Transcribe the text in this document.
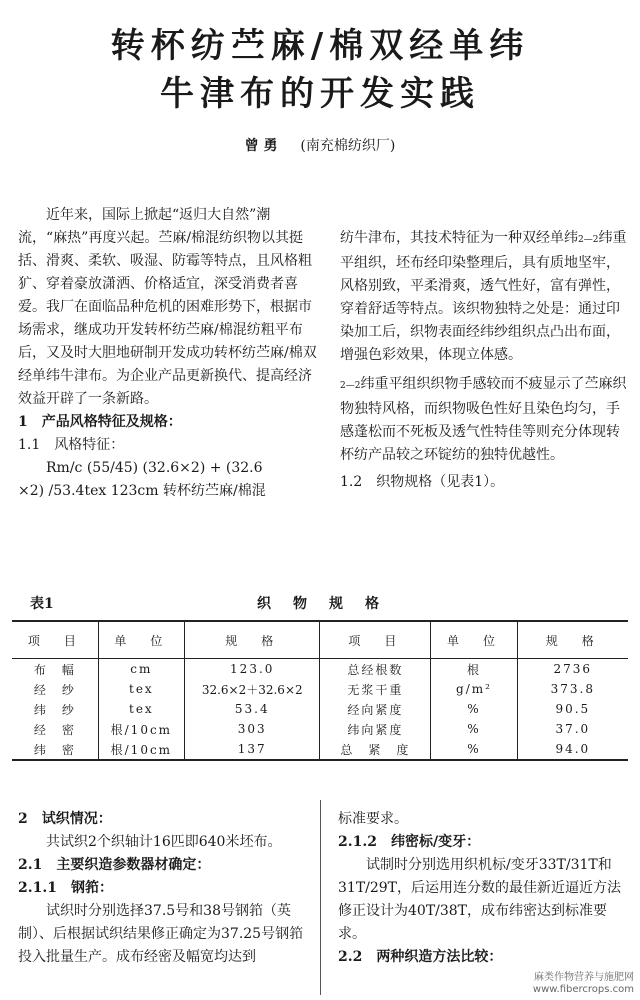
转杯纺苎麻/棉双经单纬
牛津布的开发实践
曾 勇 (南充棉纺织厂)

近年来，国际上掀起“返归大自然”潮流，“麻热”再度兴起。苎麻/棉混纺织物以其挺括、滑爽、柔软、吸湿、防霉等特点，且风格粗犷、穿着豪放潇洒、价格适宜，深受消费者喜爱。我厂在面临品种危机的困难形势下，根据市场需求，继成功开发转杯纺苎麻/棉混纺粗平布后，又及时大胆地研制开发成功转杯纺苎麻/棉双经单纬牛津布。为企业产品更新换代、提高经济效益开辟了一条新路。

1　产品风格特征及规格：

1.1　风格特征：

Rm/c (55/45) (32.6×2) + (32.6

×2) /53.4tex 123cm 转杯纺苎麻/棉混

纺牛津布，其技术特征为一种双经单纬2—2纬重平组织，坯布经印染整理后，具有质地坚牢，风格别致，平柔滑爽，透气性好，富有弹性，穿着舒适等特点。该织物独特之处是：通过印染加工后，织物表面经纬纱组织点凸出布面，增强色彩效果，体现立体感。

2—2纬重平组织织物手感较而不疲显示了苎麻织物独特风格，而织物吸色性好且染色均匀，手感蓬松而不死板及透气性特佳等则充分体现转杯纺产品较之环锭纺的独特优越性。

1.2　织物规格（见表1）。

表1	织　物　规　格
项　目	单　位	规　格	项　目	单　位	规　格
布　幅	cm	123.0	总经根数	根	2736
经　纱	tex	32.6×2＋32.6×2	无浆干重	g/m²	373.8
纬　纱	tex	53.4	经向紧度	%	90.5
经　密	根/10cm	303	纬向紧度	%	37.0
纬　密	根/10cm	137	总　紧　度	%	94.0

2　试织情况：

共试织2个织轴计16匹即640米坯布。

2.1　主要织造参数器材确定：

2.1.1　钢筘：

试织时分别选择37.5号和38号钢筘（英制）、后根据试织结果修正确定为37.25号钢筘投入批量生产。成布经密及幅宽均达到

标准要求。

2.1.2　纬密标/变牙：

试制时分别选用织机标/变牙33T/31T和31T/29T，后运用连分数的最佳新近逼近方法修正设计为40T/38T，成布纬密达到标准要求。

2.2　两种织造方法比较：

麻类作物营养与施肥网
www.fibercrops.com
